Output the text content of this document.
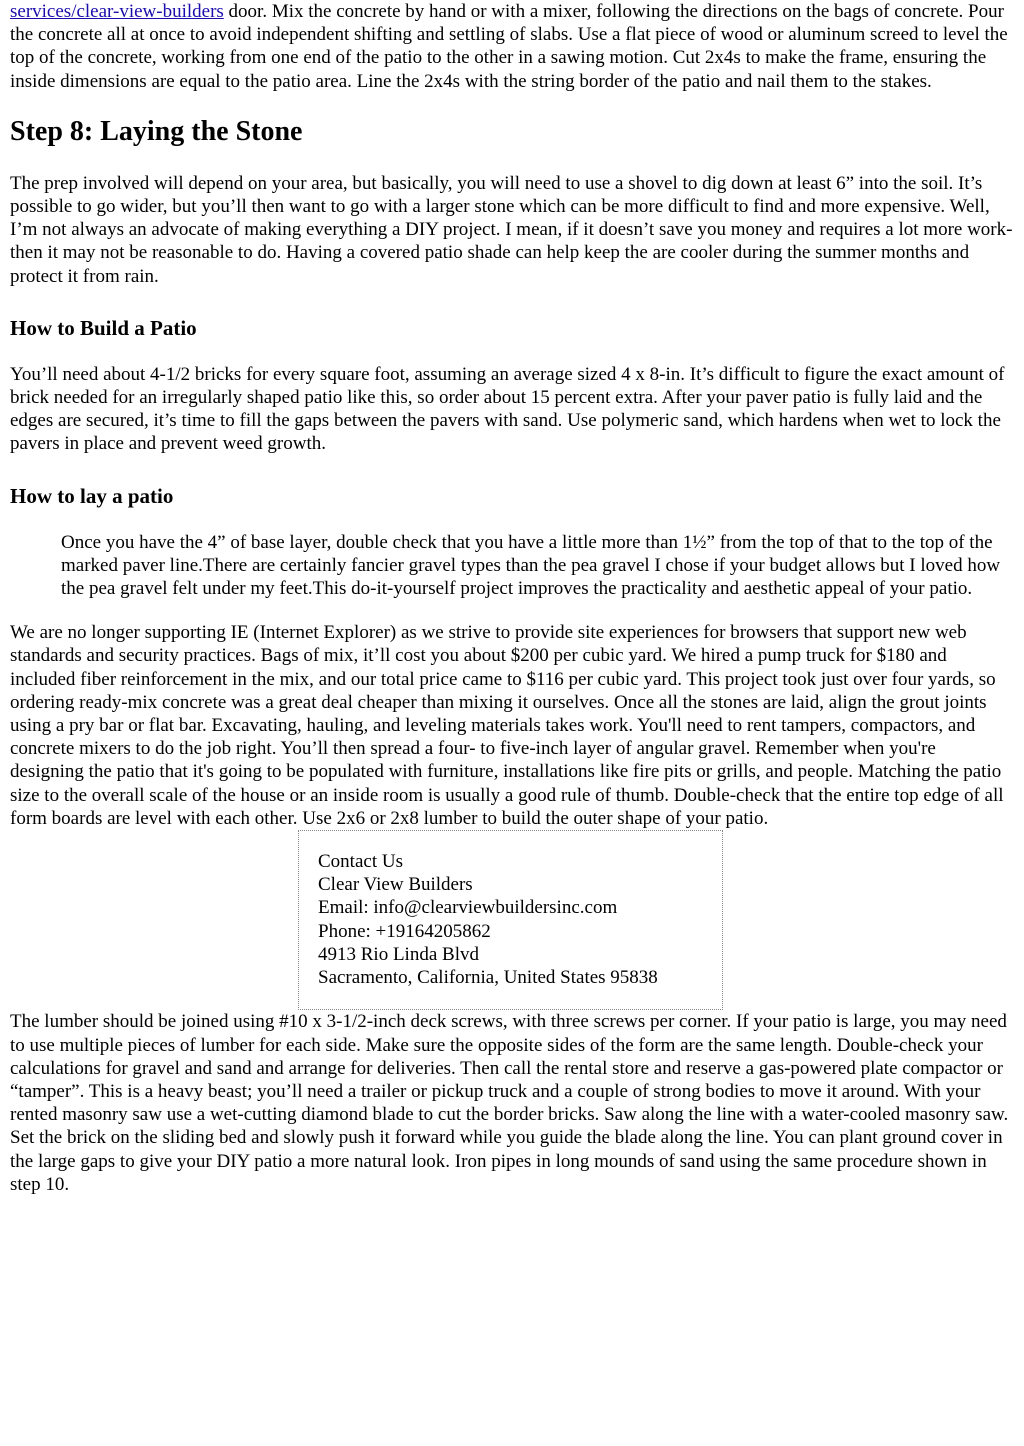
services/clear-view-builders door. Mix the concrete by hand or with a mixer, following the directions on the bags of concrete. Pour the concrete all at once to avoid independent shifting and settling of slabs. Use a flat piece of wood or aluminum screed to level the top of the concrete, working from one end of the patio to the other in a sawing motion. Cut 2x4s to make the frame, ensuring the inside dimensions are equal to the patio area. Line the 2x4s with the string border of the patio and nail them to the stakes.

Step 8: Laying the Stone

The prep involved will depend on your area, but basically, you will need to use a shovel to dig down at least 6” into the soil. It’s possible to go wider, but you’ll then want to go with a larger stone which can be more difficult to find and more expensive. Well, I’m not always an advocate of making everything a DIY project. I mean, if it doesn’t save you money and requires a lot more work- then it may not be reasonable to do. Having a covered patio shade can help keep the are cooler during the summer months and protect it from rain.

How to Build a Patio

You’ll need about 4-1/2 bricks for every square foot, assuming an average sized 4 x 8-in. It’s difficult to figure the exact amount of brick needed for an irregularly shaped patio like this, so order about 15 percent extra. After your paver patio is fully laid and the edges are secured, it’s time to fill the gaps between the pavers with sand. Use polymeric sand, which hardens when wet to lock the pavers in place and prevent weed growth.

How to lay a patio
Once you have the 4” of base layer, double check that you have a little more than 1½” from the top of that to the top of the marked paver line.There are certainly fancier gravel types than the pea gravel I chose if your budget allows but I loved how the pea gravel felt under my feet.This do-it-yourself project improves the practicality and aesthetic appeal of your patio.

We are no longer supporting IE (Internet Explorer) as we strive to provide site experiences for browsers that support new web standards and security practices. Bags of mix, it’ll cost you about $200 per cubic yard. We hired a pump truck for $180 and included fiber reinforcement in the mix, and our total price came to $116 per cubic yard. This project took just over four yards, so ordering ready-mix concrete was a great deal cheaper than mixing it ourselves. Once all the stones are laid, align the grout joints using a pry bar or flat bar. Excavating, hauling, and leveling materials takes work. You'll need to rent tampers, compactors, and concrete mixers to do the job right. You’ll then spread a four- to five-inch layer of angular gravel. Remember when you're designing the patio that it's going to be populated with furniture, installations like fire pits or grills, and people. Matching the patio size to the overall scale of the house or an inside room is usually a good rule of thumb. Double-check that the entire top edge of all form boards are level with each other. Use 2x6 or 2x8 lumber to build the outer shape of your patio.

Contact Us
Clear View Builders
Email: info@clearviewbuildersinc.com
Phone: +19164205862
4913 Rio Linda Blvd
Sacramento, California, United States 95838

The lumber should be joined using #10 x 3-1/2-inch deck screws, with three screws per corner. If your patio is large, you may need to use multiple pieces of lumber for each side. Make sure the opposite sides of the form are the same length. Double-check your calculations for gravel and sand and arrange for deliveries. Then call the rental store and reserve a gas-powered plate compactor or “tamper”. This is a heavy beast; you’ll need a trailer or pickup truck and a couple of strong bodies to move it around. With your rented masonry saw use a wet-cutting diamond blade to cut the border bricks. Saw along the line with a water-cooled masonry saw. Set the brick on the sliding bed and slowly push it forward while you guide the blade along the line. You can plant ground cover in the large gaps to give your DIY patio a more natural look. Iron pipes in long mounds of sand using the same procedure shown in step 10.
